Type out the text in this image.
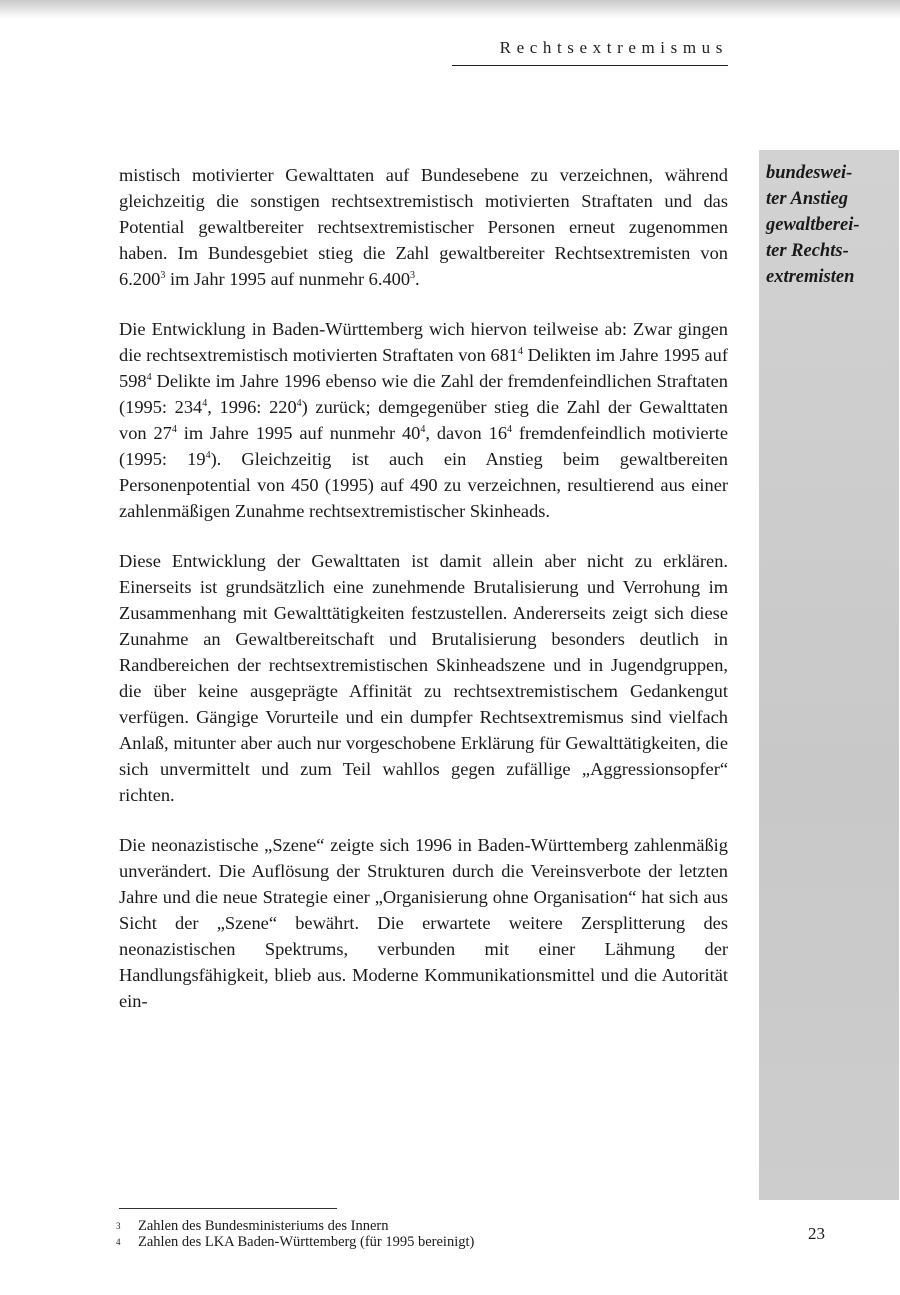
Rechtsextremismus
bundeswei-
ter Anstieg
gewaltberei-
ter Rechts-
extremisten

mistisch motivierter Gewalttaten auf Bundesebene zu verzeichnen, während gleichzeitig die sonstigen rechtsextremistisch motivierten Straftaten und das Potential gewaltbereiter rechtsextremistischer Personen erneut zugenommen haben. Im Bundesgebiet stieg die Zahl gewaltbereiter Rechtsextremisten von 6.200$^3$ im Jahr 1995 auf nunmehr 6.400$^3$.

Die Entwicklung in Baden-Württemberg wich hiervon teilweise ab: Zwar gingen die rechtsextremistisch motivierten Straftaten von $681^4$ Delikten im Jahre 1995 auf $598^4$ Delikte im Jahre 1996 ebenso wie die Zahl der fremdenfeindlichen Straftaten (1995: $234^4$, 1996: $220^4$) zurück; demgegenüber stieg die Zahl der Gewalttaten von $27^4$ im Jahre 1995 auf nunmehr $40^4$, davon $16^4$ fremdenfeindlich motivierte (1995: $19^4$). Gleichzeitig ist auch ein Anstieg beim gewaltbereiten Personenpotential von 450 (1995) auf 490 zu verzeichnen, resultierend aus einer zahlenmäßigen Zunahme rechtsextremistischer Skinheads.

Diese Entwicklung der Gewalttaten ist damit allein aber nicht zu erklären. Einerseits ist grundsätzlich eine zunehmende Brutalisierung und Verrohung im Zusammenhang mit Gewalttätigkeiten festzustellen. Andererseits zeigt sich diese Zunahme an Gewaltbereitschaft und Brutalisierung besonders deutlich in Randbereichen der rechtsextremistischen Skinheadszene und in Jugendgruppen, die über keine ausgeprägte Affinität zu rechtsextremistischem Gedankengut verfügen. Gängige Vorurteile und ein dumpfer Rechtsextremismus sind vielfach Anlaß, mitunter aber auch nur vorgeschobene Erklärung für Gewalttätigkeiten, die sich unvermittelt und zum Teil wahllos gegen zufällige „Aggressionsopfer“ richten.

Die neonazistische „Szene“ zeigte sich 1996 in Baden-Württemberg zahlenmäßig unverändert. Die Auflösung der Strukturen durch die Vereinsverbote der letzten Jahre und die neue Strategie einer „Organisierung ohne Organisation“ hat sich aus Sicht der „Szene“ bewährt. Die erwartete weitere Zersplitterung des neonazistischen Spektrums, verbunden mit einer Lähmung der Handlungsfähigkeit, blieb aus. Moderne Kommunikationsmittel und die Autorität ein-

3	Zahlen des Bundesministeriums des Innern
4	Zahlen des LKA Baden-Württemberg (für 1995 bereinigt)	23
